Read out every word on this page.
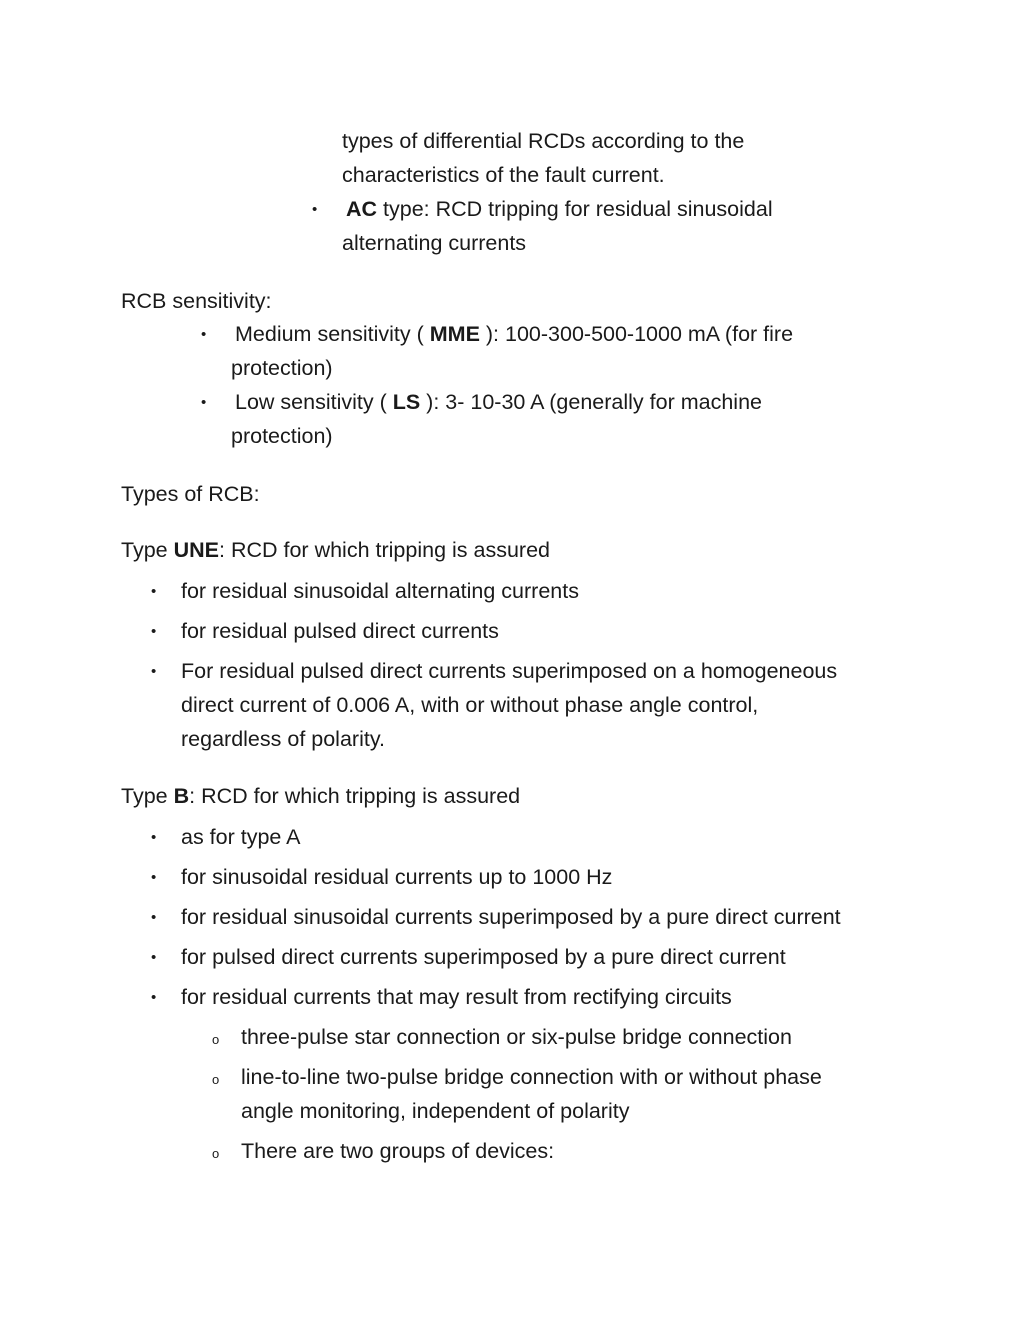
types of differential RCDs according to the
characteristics of the fault current.
• AC type: RCD tripping for residual sinusoidal
alternating currents
RCB sensitivity:
• Medium sensitivity ( MME ): 100-300-500-1000 mA (for fire
protection)
• Low sensitivity ( LS ): 3- 10-30 A (generally for machine
protection)
Types of RCB:
Type UNE: RCD for which tripping is assured
• for residual sinusoidal alternating currents
• for residual pulsed direct currents
• For residual pulsed direct currents superimposed on a homogeneous
direct current of 0.006 A, with or without phase angle control,
regardless of polarity.
Type B: RCD for which tripping is assured
• as for type A
• for sinusoidal residual currents up to 1000 Hz
• for residual sinusoidal currents superimposed by a pure direct current
• for pulsed direct currents superimposed by a pure direct current
• for residual currents that may result from rectifying circuits
o three-pulse star connection or six-pulse bridge connection
o line-to-line two-pulse bridge connection with or without phase
angle monitoring, independent of polarity
o There are two groups of devices:
